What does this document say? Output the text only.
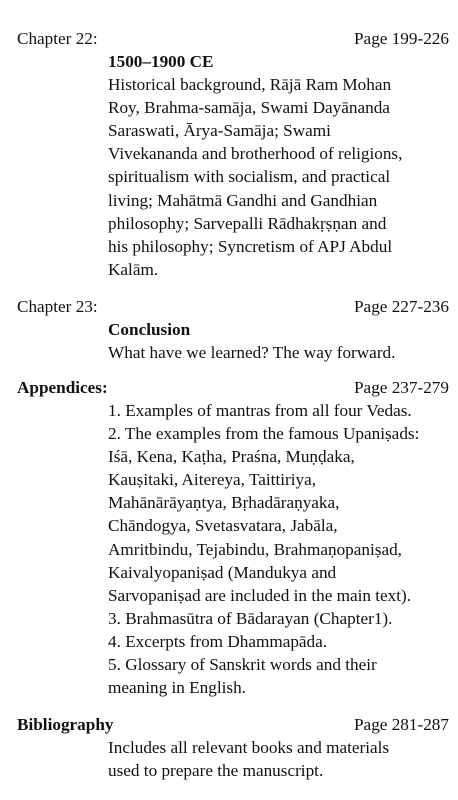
Chapter 22:	Page 199-226
1500–1900 CE
Historical background, Rājā Ram Mohan
Roy, Brahma-samāja, Swami Dayānanda
Saraswati, Ārya-Samāja; Swami
Vivekananda and brotherhood of religions,
spiritualism with socialism, and practical
living; Mahātmā Gandhi and Gandhian
philosophy; Sarvepalli Rādhakṛṣṇan and
his philosophy; Syncretism of APJ Abdul
Kalām.
Chapter 23:	Page 227-236
Conclusion
What have we learned? The way forward.
Appendices:	Page 237-279
1. Examples of mantras from all four Vedas.
2. The examples from the famous Upaniṣads:
Iśā, Kena, Kaṭha, Praśna, Muṇḍaka,
Kauṣitaki, Aitereya, Taittiriya,
Mahānārāyaṇtya, Bṛhadāraṇyaka,
Chāndogya, Svetasvatara, Jabāla,
Amritbindu, Tejabindu, Brahmaṇopaniṣad,
Kaivalyopaniṣad (Mandukya and
Sarvopaniṣad are included in the main text).
3. Brahmasūtra of Bādarayan (Chapter1).
4. Excerpts from Dhammapāda.
5. Glossary of Sanskrit words and their
meaning in English.
Bibliography	Page 281-287
Includes all relevant books and materials
used to prepare the manuscript.
